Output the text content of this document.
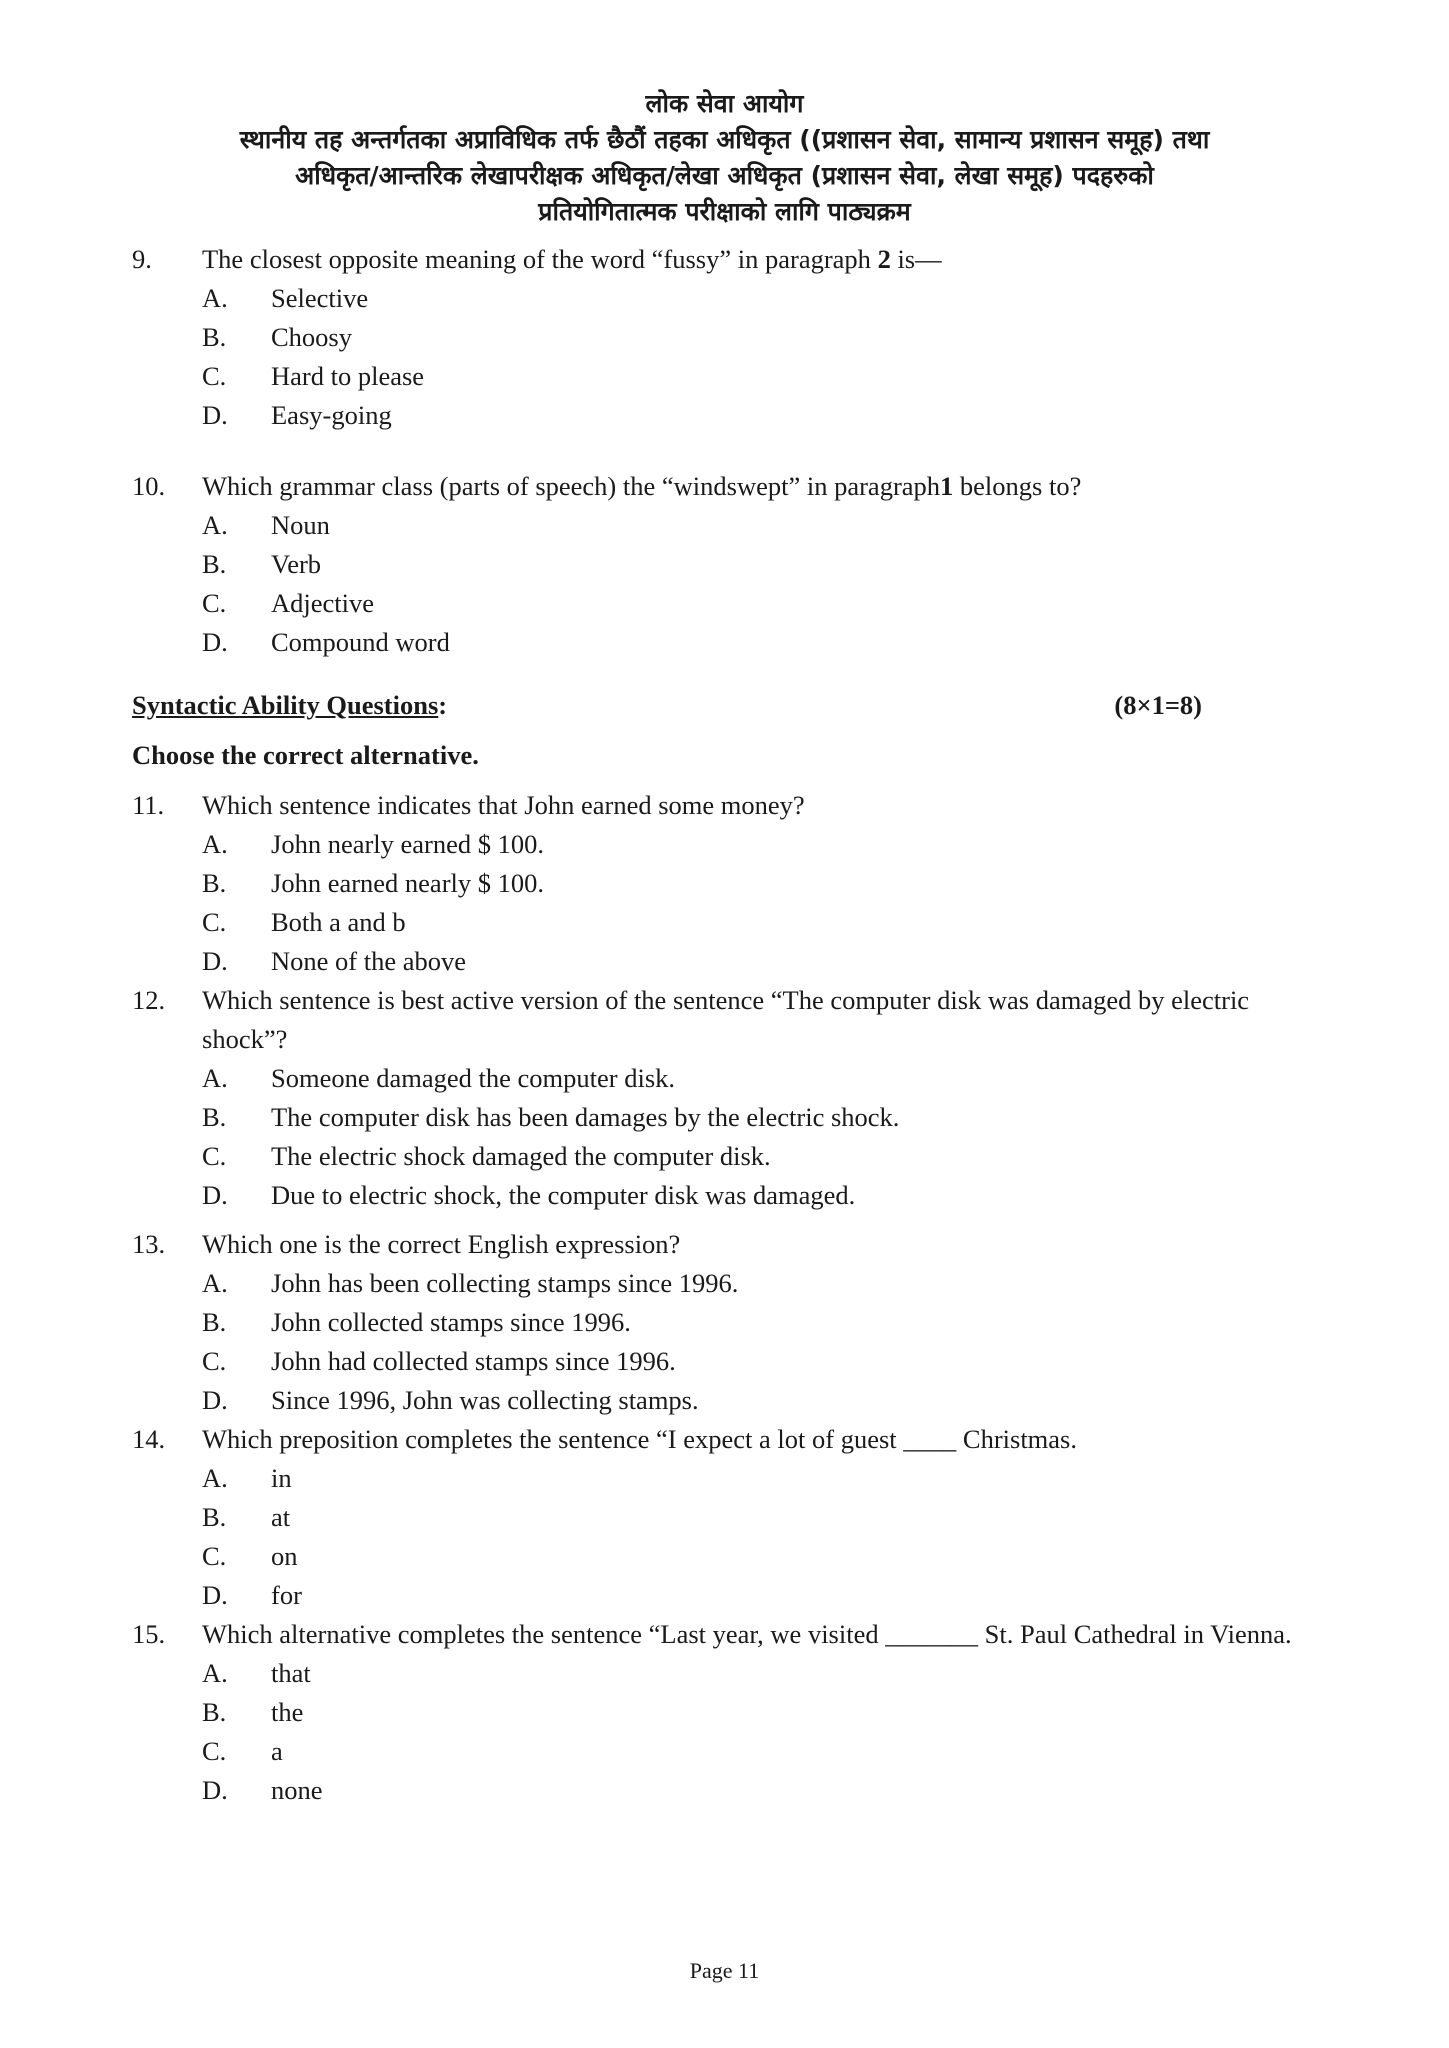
लोक सेवा आयोग
स्थानीय तह अन्तर्गतका अप्राविधिक तर्फ छैठौं तहका अधिकृत ((प्रशासन सेवा, सामान्य प्रशासन समूह) तथा
अधिकृत/आन्तरिक लेखापरीक्षक अधिकृत/लेखा अधिकृत (प्रशासन सेवा, लेखा समूह) पदहरुको
प्रतियोगितात्मक परीक्षाको लागि पाठ्यक्रम
9.	The closest opposite meaning of the word “fussy” in paragraph 2 is—
A.	Selective
B.	Choosy
C.	Hard to please
D.	Easy-going
10.	Which grammar class (parts of speech) the “windswept” in paragraph1 belongs to?
A.	Noun
B.	Verb
C.	Adjective
D.	Compound word
Syntactic Ability Questions:	(8×1=8)
Choose the correct alternative.
11.	Which sentence indicates that John earned some money?
A.	John nearly earned $ 100.
B.	John earned nearly $ 100.
C.	Both a and b
D.	None of the above
12.	Which sentence is best active version of the sentence “The computer disk was damaged by electric shock”?
A.	Someone damaged the computer disk.
B.	The computer disk has been damages by the electric shock.
C.	The electric shock damaged the computer disk.
D.	Due to electric shock, the computer disk was damaged.
13.	Which one is the correct English expression?
A.	John has been collecting stamps since 1996.
B.	John collected stamps since 1996.
C.	John had collected stamps since 1996.
D.	Since 1996, John was collecting stamps.
14.	Which preposition completes the sentence “I expect a lot of guest ____ Christmas.
A.	in
B.	at
C.	on
D.	for
15.	Which alternative completes the sentence “Last year, we visited _______ St. Paul Cathedral in Vienna.
A.	that
B.	the
C.	a
D.	none
Page 11
